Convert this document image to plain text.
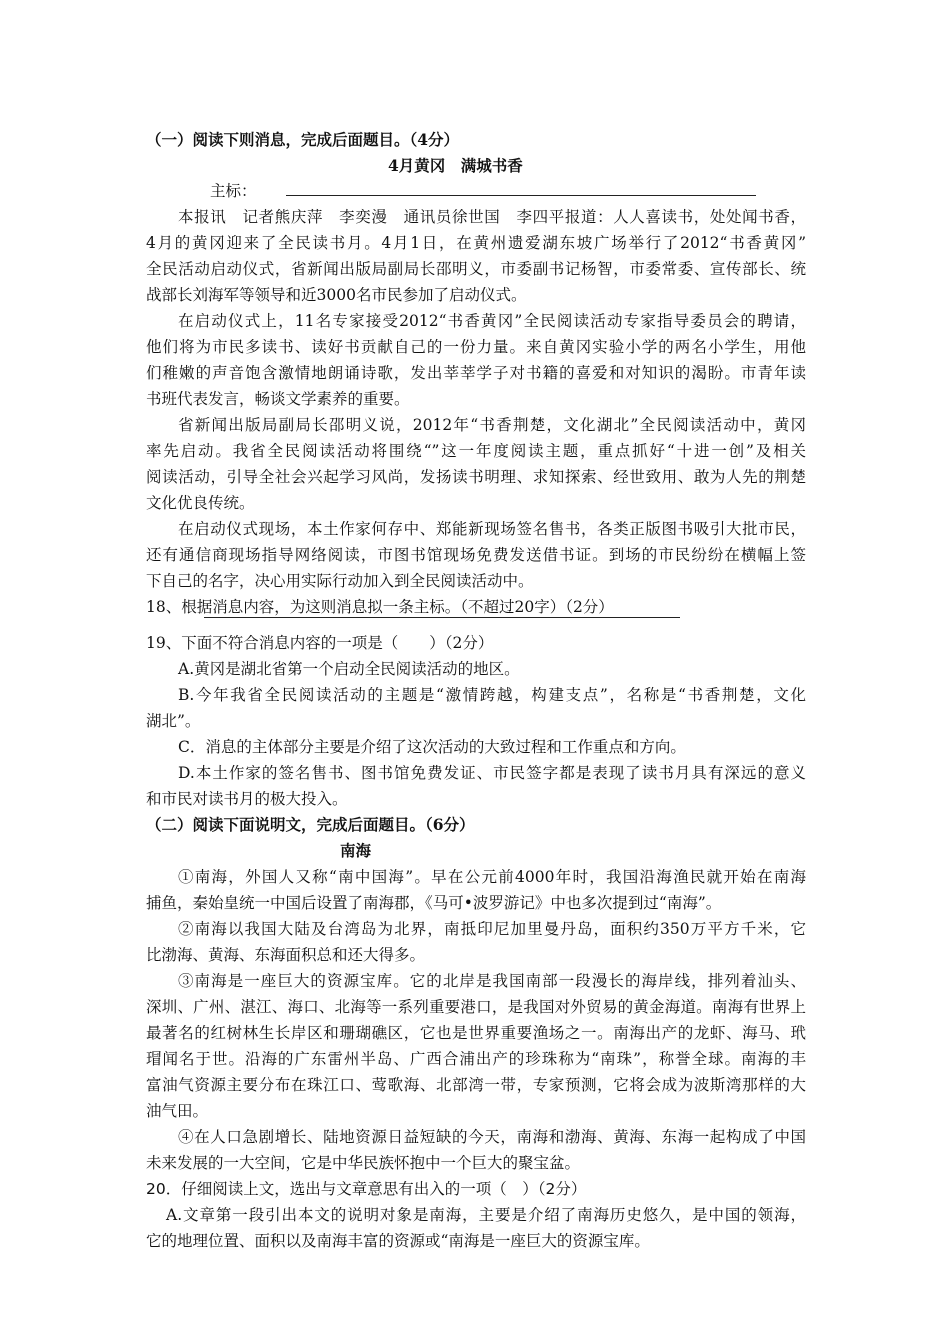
（一）阅读下则消息，完成后面题目。（4分）
4月黄冈　满城书香
主标：
本报讯　记者熊庆萍　李奕漫　通讯员徐世国　李四平报道：人人喜读书，处处闻书香，
4月的黄冈迎来了全民读书月。4月1日，在黄州遗爱湖东坡广场举行了2012“书香黄冈”
全民活动启动仪式，省新闻出版局副局长邵明义，市委副书记杨智，市委常委、宣传部长、统
战部长刘海军等领导和近3000名市民参加了启动仪式。
在启动仪式上，11名专家接受2012“书香黄冈”全民阅读活动专家指导委员会的聘请，
他们将为市民多读书、读好书贡献自己的一份力量。来自黄冈实验小学的两名小学生，用他
们稚嫩的声音饱含激情地朗诵诗歌，发出莘莘学子对书籍的喜爱和对知识的渴盼。市青年读
书班代表发言，畅谈文学素养的重要。
省新闻出版局副局长邵明义说，2012年“书香荆楚，文化湖北”全民阅读活动中，黄冈
率先启动。我省全民阅读活动将围绕“”这一年度阅读主题，重点抓好“十进一创”及相关
阅读活动，引导全社会兴起学习风尚，发扬读书明理、求知探索、经世致用、敢为人先的荆楚
文化优良传统。
在启动仪式现场，本土作家何存中、郑能新现场签名售书，各类正版图书吸引大批市民，
还有通信商现场指导网络阅读，市图书馆现场免费发送借书证。到场的市民纷纷在横幅上签
下自己的名字，决心用实际行动加入到全民阅读活动中。
18、根据消息内容，为这则消息拟一条主标。（不超过20字）（2分）
19、下面不符合消息内容的一项是（　　）（2分）
A.黄冈是湖北省第一个启动全民阅读活动的地区。
B.今年我省全民阅读活动的主题是“激情跨越，构建支点”，名称是“书香荆楚，文化
湖北”。
C．消息的主体部分主要是介绍了这次活动的大致过程和工作重点和方向。
D.本土作家的签名售书、图书馆免费发证、市民签字都是表现了读书月具有深远的意义
和市民对读书月的极大投入。
（二）阅读下面说明文，完成后面题目。（6分）
南海
①南海，外国人又称“南中国海”。早在公元前4000年时，我国沿海渔民就开始在南海
捕鱼，秦始皇统一中国后设置了南海郡，《马可•波罗游记》中也多次提到过“南海”。
②南海以我国大陆及台湾岛为北界，南抵印尼加里曼丹岛，面积约350万平方千米，它
比渤海、黄海、东海面积总和还大得多。
③南海是一座巨大的资源宝库。它的北岸是我国南部一段漫长的海岸线，排列着汕头、
深圳、广州、湛江、海口、北海等一系列重要港口，是我国对外贸易的黄金海道。南海有世界上
最著名的红树林生长岸区和珊瑚礁区，它也是世界重要渔场之一。南海出产的龙虾、海马、玳
瑁闻名于世。沿海的广东雷州半岛、广西合浦出产的珍珠称为“南珠”，称誉全球。南海的丰
富油气资源主要分布在珠江口、莺歌海、北部湾一带，专家预测，它将会成为波斯湾那样的大
油气田。
④在人口急剧增长、陆地资源日益短缺的今天，南海和渤海、黄海、东海一起构成了中国
未来发展的一大空间，它是中华民族怀抱中一个巨大的聚宝盆。
20．仔细阅读上文，选出与文章意思有出入的一项（　）（2分）
A.文章第一段引出本文的说明对象是南海，主要是介绍了南海历史悠久，是中国的领海，
它的地理位置、面积以及南海丰富的资源或“南海是一座巨大的资源宝库。
